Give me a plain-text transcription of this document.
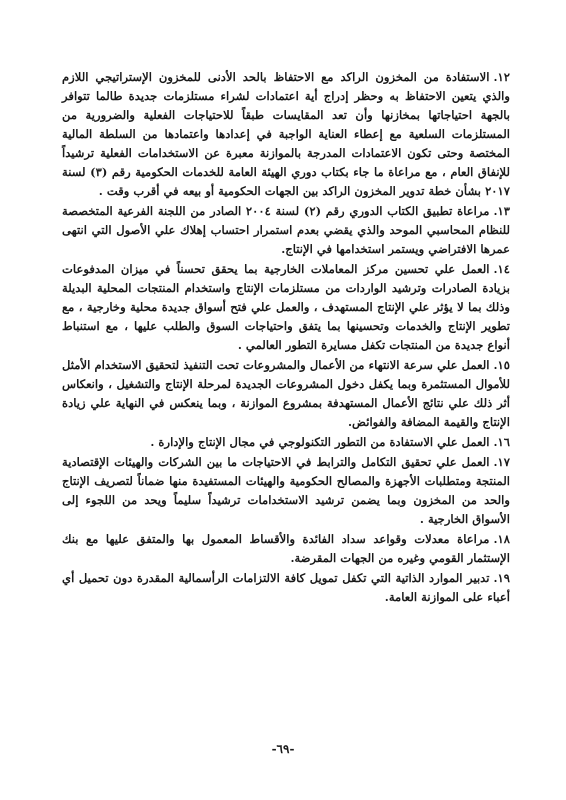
١٢.الاستفادة من المخزون الراكد مع الاحتفاظ بالحد الأدنى للمخزون الإستراتيجي اللازم والذي يتعين الاحتفاظ به وحظر إدراج أية اعتمادات لشراء مستلزمات جديدة طالما تتوافر بالجهة احتياجاتها بمخازنها وأن تعد المقايسات طبقاً للاحتياجات الفعلية والضرورية من المستلزمات السلعية مع إعطاء العناية الواجبة في إعدادها واعتمادها من السلطة المالية المختصة وحتى تكون الاعتمادات المدرجة بالموازنة معبرة عن الاستخدامات الفعلية ترشيداً للإنفاق العام ، مع مراعاة ما جاء بكتاب دوري الهيئة العامة للخدمات الحكومية رقم (٣) لسنة ٢٠١٧ بشأن خطة تدوير المخزون الراكد بين الجهات الحكومية أو بيعه في أقرب وقت .

١٣.مراعاة تطبيق الكتاب الدوري رقم (٢) لسنة ٢٠٠٤ الصادر من اللجنة الفرعية المتخصصة للنظام المحاسبي الموحد والذي يقضي بعدم استمرار احتساب إهلاك علي الأصول التي انتهى عمرها الافتراضي ويستمر استخدامها في الإنتاج.

١٤.العمل علي تحسين مركز المعاملات الخارجية بما يحقق تحسناً في ميزان المدفوعات بزيادة الصادرات وترشيد الواردات من مستلزمات الإنتاج واستخدام المنتجات المحلية البديلة وذلك بما لا يؤثر علي الإنتاج المستهدف ، والعمل علي فتح أسواق جديدة محلية وخارجية ، مع تطوير الإنتاج والخدمات وتحسينها بما يتفق واحتياجات السوق والطلب عليها ، مع استنباط أنواع جديدة من المنتجات تكفل مسايرة التطور العالمي .

١٥.العمل علي سرعة الانتهاء من الأعمال والمشروعات تحت التنفيذ لتحقيق الاستخدام الأمثل للأموال المستثمرة وبما يكفل دخول المشروعات الجديدة لمرحلة الإنتاج والتشغيل ، وانعكاس أثر ذلك علي نتائج الأعمال المستهدفة بمشروع الموازنة ، وبما ينعكس في النهاية علي زيادة الإنتاج والقيمة المضافة والفوائض.

١٦.العمل علي الاستفادة من التطور التكنولوجي في مجال الإنتاج والإدارة .

١٧.العمل علي تحقيق التكامل والترابط في الاحتياجات ما بين الشركات والهيئات الإقتصادية المنتجة ومتطلبات الأجهزة والمصالح الحكومية والهيئات المستفيدة منها ضماناً لتصريف الإنتاج والحد من المخزون وبما يضمن ترشيد الاستخدامات ترشيداً سليماً ويحد من اللجوء إلى الأسواق الخارجية .

١٨.مراعاة معدلات وقواعد سداد الفائدة والأقساط المعمول بها والمتفق عليها مع بنك الإستثمار القومي وغيره من الجهات المقرضة.

١٩.تدبير الموارد الذاتية التي تكفل تمويل كافة الالتزامات الرأسمالية المقدرة دون تحميل أي أعباء على الموازنة العامة.

-٦٩-
